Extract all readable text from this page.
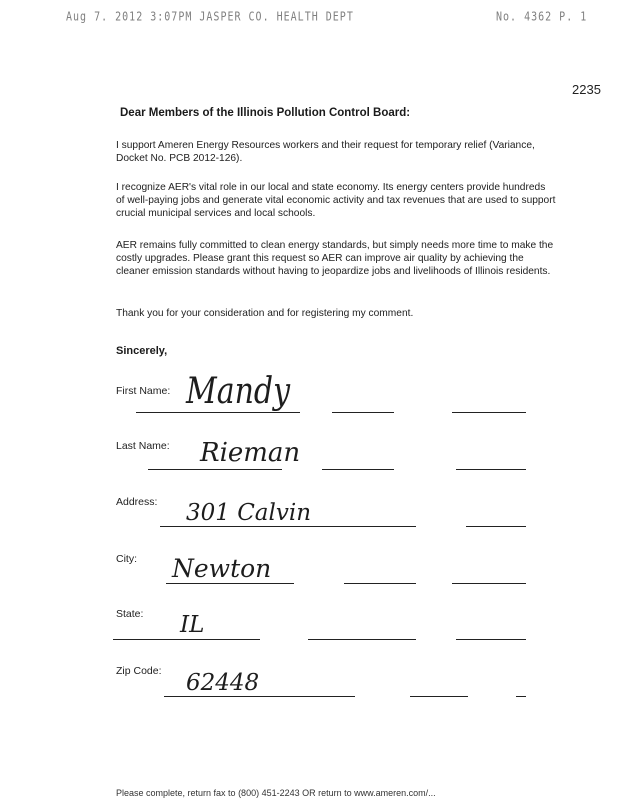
Aug 7. 2012 3:07PM JASPER CO. HEALTH DEPT	No. 4362 P. 1
2235
Dear Members of the Illinois Pollution Control Board:
I support Ameren Energy Resources workers and their request for temporary relief (Variance, Docket No. PCB 2012-126).
I recognize AER's vital role in our local and state economy. Its energy centers provide hundreds of well-paying jobs and generate vital economic activity and tax revenues that are used to support crucial municipal services and local schools.
AER remains fully committed to clean energy standards, but simply needs more time to make the costly upgrades. Please grant this request so AER can improve air quality by achieving the cleaner emission standards without having to jeopardize jobs and livelihoods of Illinois residents.
Thank you for your consideration and for registering my comment.
Sincerely,
First Name: Mandy
Last Name: Rieman
Address: 301 Calvin
City: Newton
State: IL
Zip Code: 62448
Please complete, return fax to (800) 451-2243 OR return to www.ameren.com/...
